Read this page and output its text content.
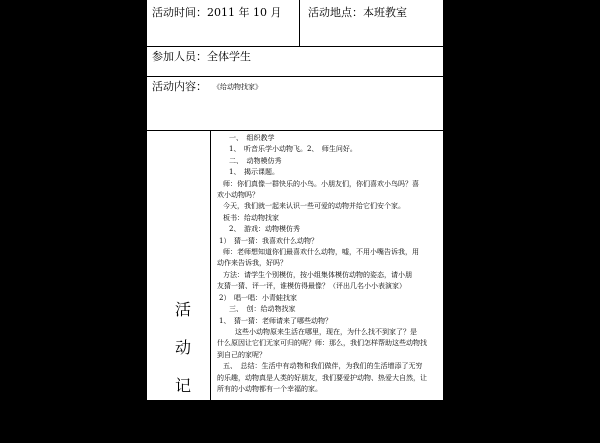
活动时间：2011 年 10 月 活动地点：本班教室
参加人员：全体学生
活动内容： 《给动物找家》
活
动
记
录
一、　组织教学
1、　听音乐学小动物飞。2、　师生问好。
二、　动物模仿秀
1、　揭示课题。
师：你们真像一群快乐的小鸟。小朋友们，你们喜欢小鸟吗？喜
欢小动物吗？
今天，我们就一起来认识一些可爱的动物并给它们安个家。
板书：给动物找家
2、　游戏：动物模仿秀
1）　猜一猜：我喜欢什么动物？
师：老师想知道你们最喜欢什么动物，嘘，不用小嘴告诉我，用
动作来告诉我，好吗？
方法：请学生个别模仿，按小组集体模仿动物的姿态，请小朋
友猜一猜、评一评，谁模仿得最像？（评出几名小小表演家）
2）　唱一唱：小青蛙找家
三、　创：给动物找家
1、　猜一猜：老师请来了哪些动物？
这些小动物原来生活在哪里，现在，为什么找不到家了？是
什么原因让它们无家可归的呢？师：那么，我们怎样帮助这些动物找
到自己的家呢？
五、　总结：生活中有动物和我们做伴，为我们的生活增添了无穷
的乐趣，动物真是人类的好朋友，我们要爱护动物、热爱大自然，让
所有的小动物都有一个幸福的家。
